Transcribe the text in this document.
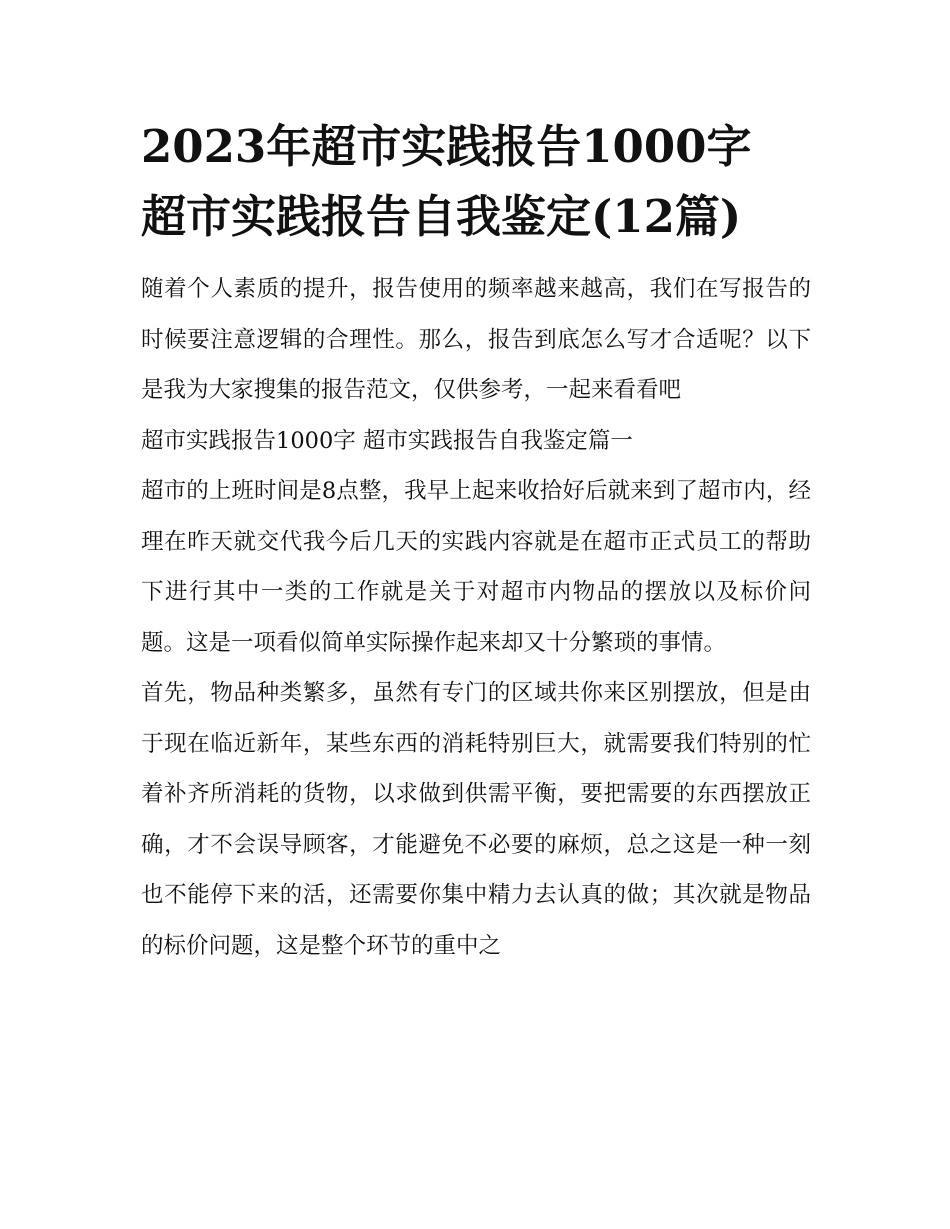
2023年超市实践报告1000字
超市实践报告自我鉴定(12篇)

随着个人素质的提升，报告使用的频率越来越高，我们在写报告的时候要注意逻辑的合理性。那么，报告到底怎么写才合适呢？以下是我为大家搜集的报告范文，仅供参考，一起来看看吧

超市实践报告1000字 超市实践报告自我鉴定篇一

超市的上班时间是8点整，我早上起来收拾好后就来到了超市内，经理在昨天就交代我今后几天的实践内容就是在超市正式员工的帮助下进行其中一类的工作就是关于对超市内物品的摆放以及标价问题。这是一项看似简单实际操作起来却又十分繁琐的事情。

首先，物品种类繁多，虽然有专门的区域共你来区别摆放，但是由于现在临近新年，某些东西的消耗特别巨大，就需要我们特别的忙着补齐所消耗的货物，以求做到供需平衡，要把需要的东西摆放正确，才不会误导顾客，才能避免不必要的麻烦，总之这是一种一刻也不能停下来的活，还需要你集中精力去认真的做；其次就是物品的标价问题，这是整个环节的重中之
